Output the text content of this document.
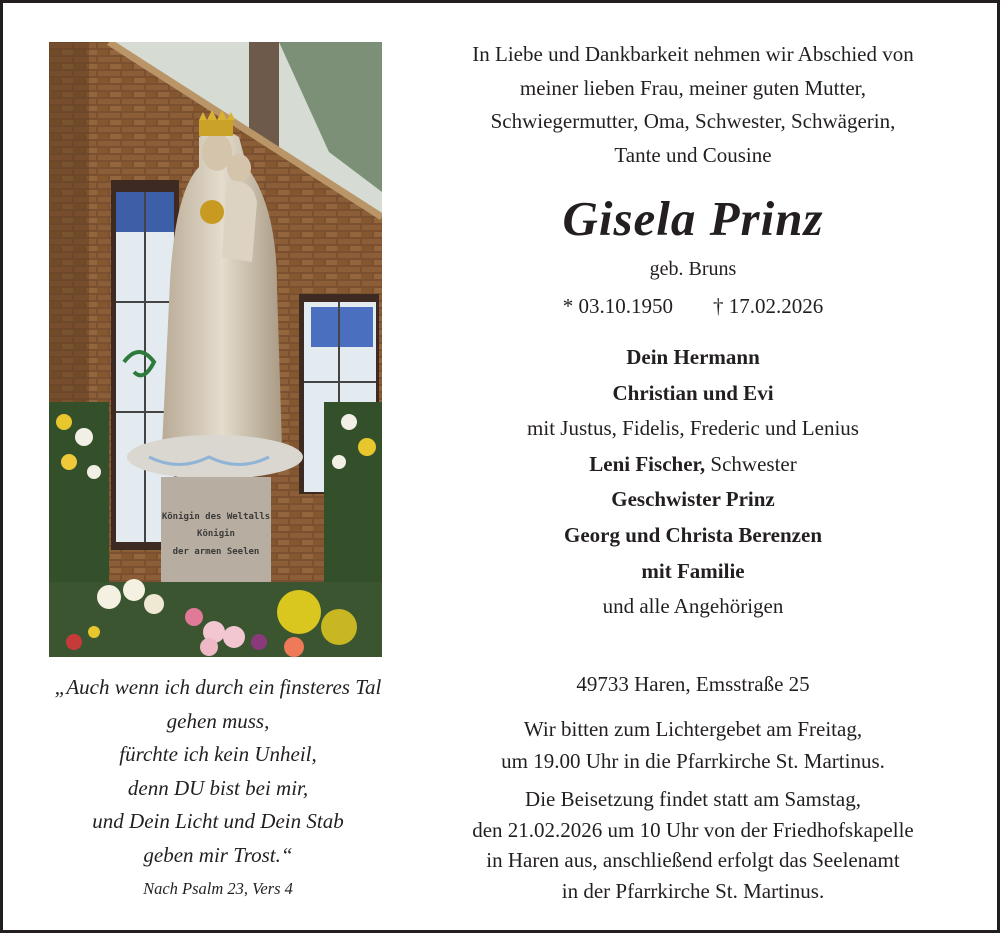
Königin des Weltalls
Königin
der armen Seelen
„Auch wenn ich durch ein finsteres Tal
gehen muss,
fürchte ich kein Unheil,
denn DU bist bei mir,
und Dein Licht und Dein Stab
geben mir Trost.“
Nach Psalm 23, Vers 4
In Liebe und Dankbarkeit nehmen wir Abschied von
meiner lieben Frau, meiner guten Mutter,
Schwiegermutter, Oma, Schwester, Schwägerin,
Tante und Cousine
Gisela Prinz
geb. Bruns
* 03.10.1950 † 17.02.2026
Dein Hermann
Christian und Evi
mit Justus, Fidelis, Frederic und Lenius
Leni Fischer, Schwester
Geschwister Prinz
Georg und Christa Berenzen
mit Familie
und alle Angehörigen
49733 Haren, Emsstraße 25
Wir bitten zum Lichtergebet am Freitag,
um 19.00 Uhr in die Pfarrkirche St. Martinus.
Die Beisetzung findet statt am Samstag,
den 21.02.2026 um 10 Uhr von der Friedhofskapelle
in Haren aus, anschließend erfolgt das Seelenamt
in der Pfarrkirche St. Martinus.
